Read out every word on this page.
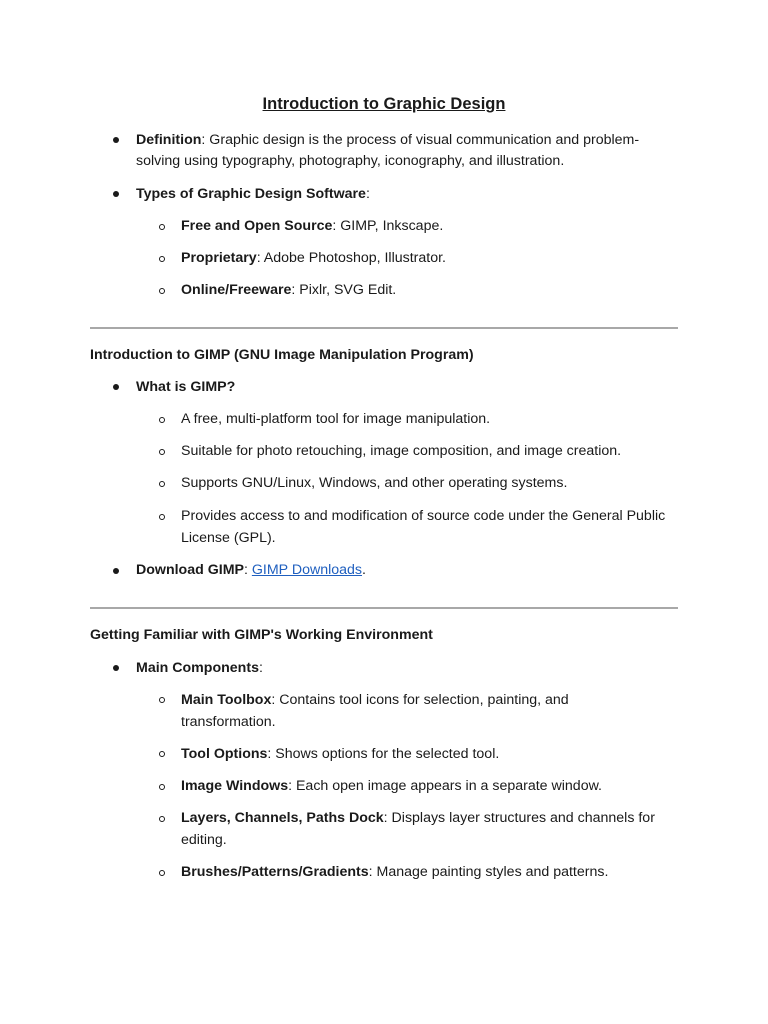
Introduction to Graphic Design
Definition: Graphic design is the process of visual communication and problem-
solving using typography, photography, iconography, and illustration.
Types of Graphic Design Software:
Free and Open Source: GIMP, Inkscape.
Proprietary: Adobe Photoshop, Illustrator.
Online/Freeware: Pixlr, SVG Edit.
Introduction to GIMP (GNU Image Manipulation Program)
What is GIMP?
A free, multi-platform tool for image manipulation.
Suitable for photo retouching, image composition, and image creation.
Supports GNU/Linux, Windows, and other operating systems.
Provides access to and modification of source code under the General Public
License (GPL).
Download GIMP: GIMP Downloads.
Getting Familiar with GIMP's Working Environment
Main Components:
Main Toolbox: Contains tool icons for selection, painting, and
transformation.
Tool Options: Shows options for the selected tool.
Image Windows: Each open image appears in a separate window.
Layers, Channels, Paths Dock: Displays layer structures and channels for
editing.
Brushes/Patterns/Gradients: Manage painting styles and patterns.
